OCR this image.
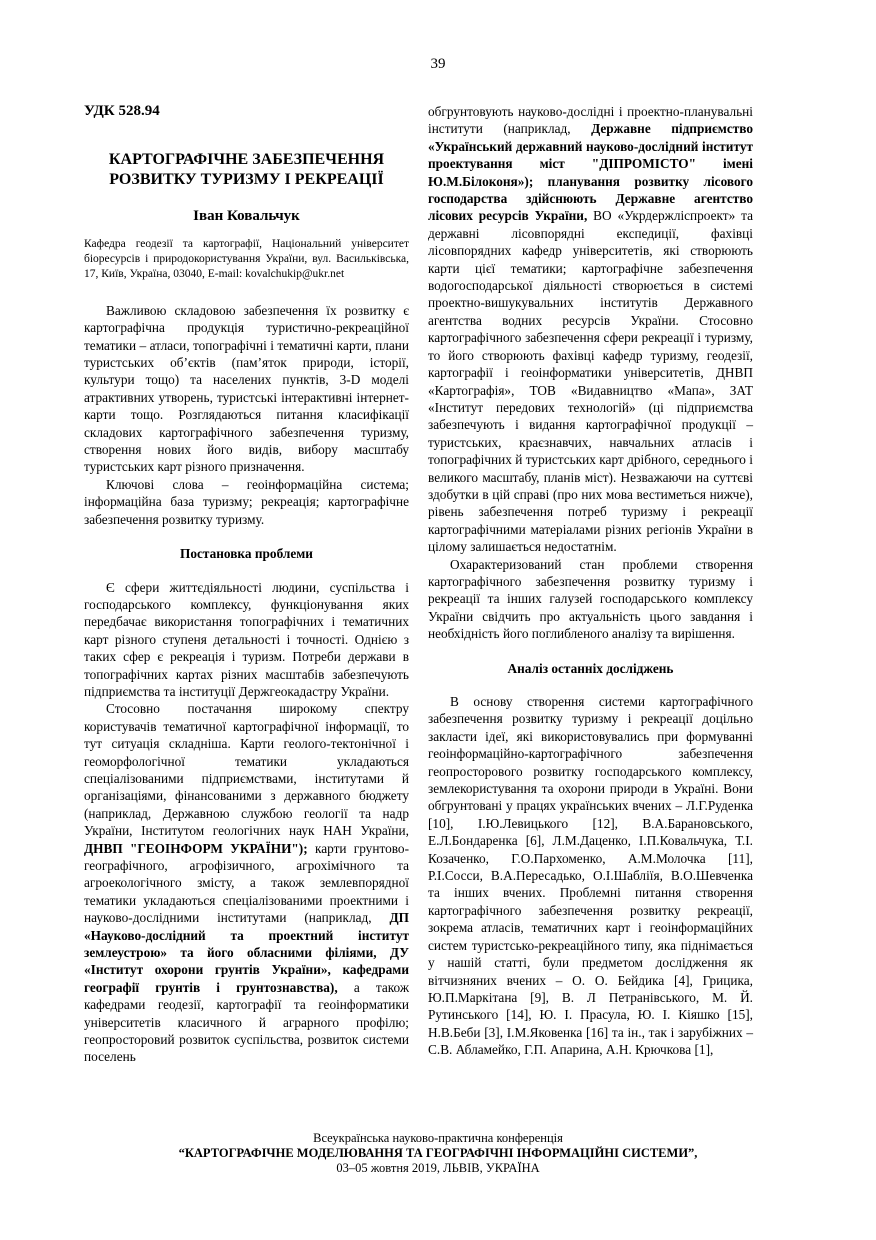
39
УДК 528.94
КАРТОГРАФІЧНЕ ЗАБЕЗПЕЧЕННЯ РОЗВИТКУ ТУРИЗМУ І РЕКРЕАЦІЇ
Іван Ковальчук
Кафедра геодезії та картографії, Національний університет біоресурсів і природокористування України, вул. Васильківська, 17, Київ, Україна, 03040, E-mail: kovalchukip@ukr.net

Важливою складовою забезпечення їх розвитку є картографічна продукція туристично-рекреаційної тематики – атласи, топографічні і тематичні карти, плани туристських об’єктів (пам’яток природи, історії, культури тощо) та населених пунктів, 3-D моделі атрактивних утворень, туристські інтерактивні інтернет-карти тощо. Розглядаються питання класифікації складових картографічного забезпечення туризму, створення нових його видів, вибору масштабу туристських карт різного призначення.

Ключові слова – геоінформаційна система; інформаційна база туризму; рекреація; картографічне забезпечення розвитку туризму.

Постановка проблеми

Є сфери життєдіяльності людини, суспільства і господарського комплексу, функціонування яких передбачає використання топографічних і тематичних карт різного ступеня детальності і точності. Однією з таких сфер є рекреація і туризм. Потреби держави в топографічних картах різних масштабів забезпечують підприємства та інституції Держгеокадастру України.

Стосовно постачання широкому спектру користувачів тематичної картографічної інформації, то тут ситуація складніша. Карти геолого-тектонічної і геоморфологічної тематики укладаються спеціалізованими підприємствами, інститутами й організаціями, фінансованими з державного бюджету (наприклад, Державною службою геології та надр України, Інститутом геологічних наук НАН України, ДНВП "ГЕОІНФОРМ УКРАЇНИ"); карти грунтово-географічного, агрофізичного, агрохімічного та агроекологічного змісту, а також землевпорядної тематики укладаються спеціалізованими проектними і науково-дослідними інститутами (наприклад, ДП «Науково-дослідний та проектний інститут землеустрою» та його обласними філіями, ДУ «Інститут охорони грунтів України», кафедрами географії грунтів і грунтознавства), а також кафедрами геодезії, картографії та геоінформатики університетів класичного й аграрного профілю; геопросторовий розвиток суспільства, розвиток системи поселень

обгрунтовують науково-дослідні і проектно-планувальні інститути (наприклад, Державне підприємство «Український державний науково-дослідний інститут проектування міст "ДІПРОМІСТО" імені Ю.М.Білоконя»); планування розвитку лісового господарства здійснюють Державне агентство лісових ресурсів України, ВО «Укрдержліспроект» та державні лісовпорядні експедиції, фахівці лісовпорядних кафедр університетів, які створюють карти цієї тематики; картографічне забезпечення водогосподарської діяльності створюється в системі проектно-вишукувальних інститутів Державного агентства водних ресурсів України. Стосовно картографічного забезпечення сфери рекреації і туризму, то його створюють фахівці кафедр туризму, геодезії, картографії і геоінформатики університетів, ДНВП «Картографія», ТОВ «Видавництво «Мапа», ЗАТ «Інститут передових технологій» (ці підприємства забезпечують і видання картографічної продукції – туристських, краєзнавчих, навчальних атласів і топографічних й туристських карт дрібного, середнього і великого масштабу, планів міст). Незважаючи на суттєві здобутки в цій справі (про них мова вестиметься нижче), рівень забезпечення потреб туризму і рекреації картографічними матеріалами різних регіонів України в цілому залишається недостатнім.

Охарактеризований стан проблеми створення картографічного забезпечення розвитку туризму і рекреації та інших галузей господарського комплексу України свідчить про актуальність цього завдання і необхідність його поглибленого аналізу та вирішення.

Аналіз останніх досліджень

В основу створення системи картографічного забезпечення розвитку туризму і рекреації доцільно закласти ідеї, які використовувались при формуванні геоінформаційно-картографічного забезпечення геопросторового розвитку господарського комплексу, землекористування та охорони природи в Україні. Вони обгрунтовані у працях українських вчених – Л.Г.Руденка [10], І.Ю.Левицького [12], В.А.Барановського, Е.Л.Бондаренка [6], Л.М.Даценко, І.П.Ковальчука, Т.І. Козаченко, Г.О.Пархоменко, А.М.Молочка [11], Р.І.Сосси, В.А.Пересадько, О.І.Шабліїя, В.О.Шевченка та інших вчених. Проблемні питання створення картографічного забезпечення розвитку рекреації, зокрема атласів, тематичних карт і геоінформаційних систем туристсько-рекреаційного типу, яка піднімається у нашій статті, були предметом дослідження як вітчизняних вчених – О. О. Бейдика [4], Грицика, Ю.П.Маркітана [9], В. Л Петранівського, М. Й. Рутинського [14], Ю. І. Прасула, Ю. І. Кіяшко [15], Н.В.Беби [3], І.М.Яковенка [16] та ін., так і зарубіжних – С.В. Абламейко, Г.П. Апарина, А.Н. Крючкова [1],

Всеукраїнська науково-практична конференція
“КАРТОГРАФІЧНЕ МОДЕЛЮВАННЯ ТА ГЕОГРАФІЧНІ ІНФОРМАЦІЙНІ СИСТЕМИ”,
03–05 жовтня 2019, ЛЬВІВ, УКРАЇНА
